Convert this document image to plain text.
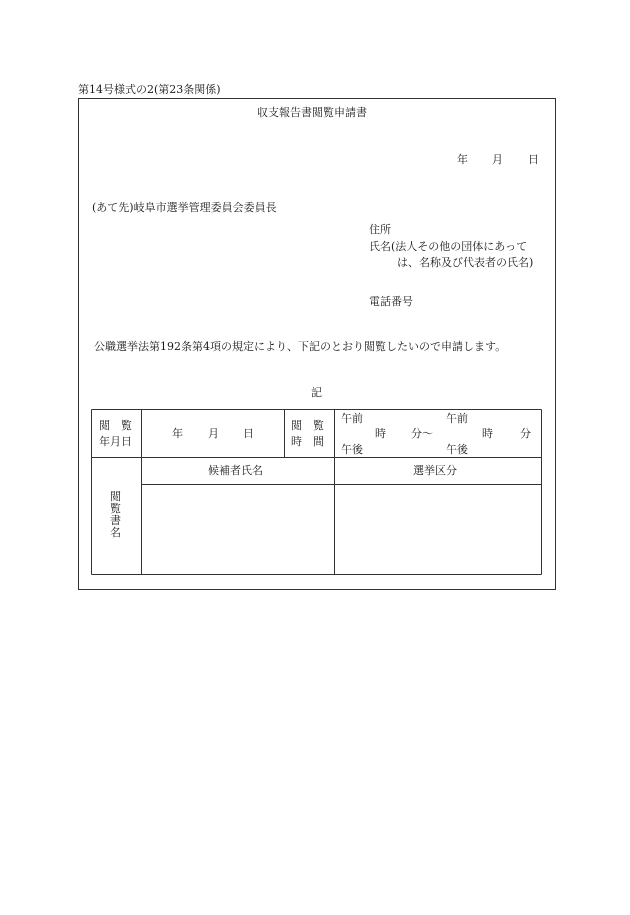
第14号様式の2(第23条関係)
収支報告書閲覧申請書
年 月 日
(あて先)岐阜市選挙管理委員会委員長
住所
氏名(法人その他の団体にあって
は、名称及び代表者の氏名)
電話番号
公職選挙法第192条第4項の規定により、下記のとおり閲覧したいので申請します。
記
閲　覧
年月日
年 月 日
閲　覧
時　間
午前
午後
時 分〜
午前
午後
時 分
閲
覧
書
名
候補者氏名	選挙区分
